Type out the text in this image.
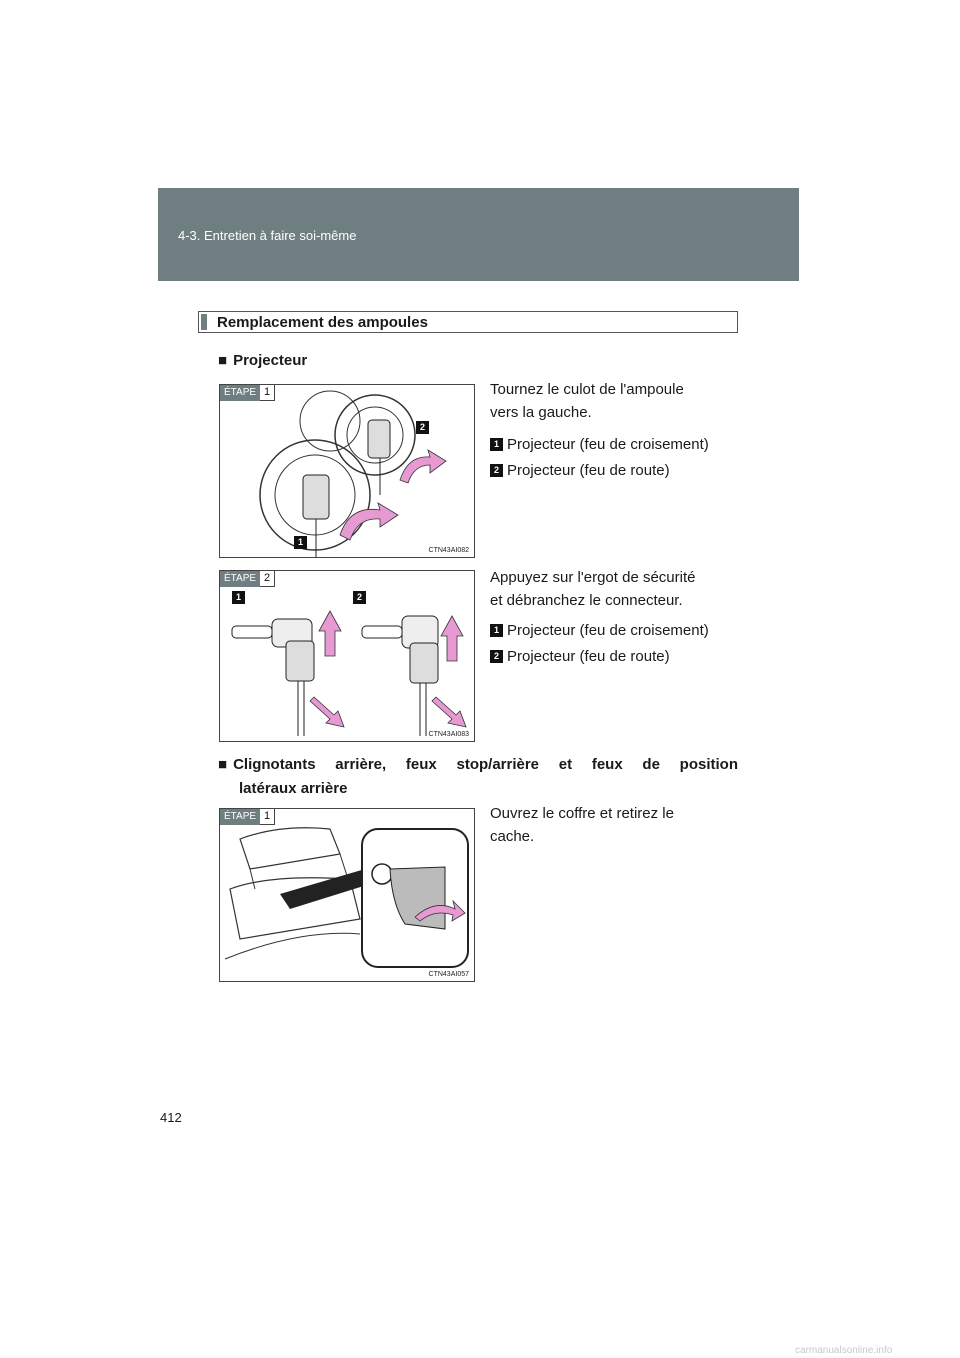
4-3. Entretien à faire soi-même
Remplacement des ampoules
■ Projecteur
ÉTAPE 1
2
1
CTN43AI082
Tournez le culot de l'ampoule
vers la gauche.
1 Projecteur (feu de croisement)
2 Projecteur (feu de route)
ÉTAPE 2
1	2
CTN43AI083
Appuyez sur l'ergot de sécurité
et débranchez le connecteur.
1 Projecteur (feu de croisement)
2 Projecteur (feu de route)
■ Clignotants arrière, feux stop/arrière et feux de position
latéraux arrière
ÉTAPE 1
CTN43AI057
Ouvrez le coffre et retirez le
cache.
412
carmanualsonline.info
